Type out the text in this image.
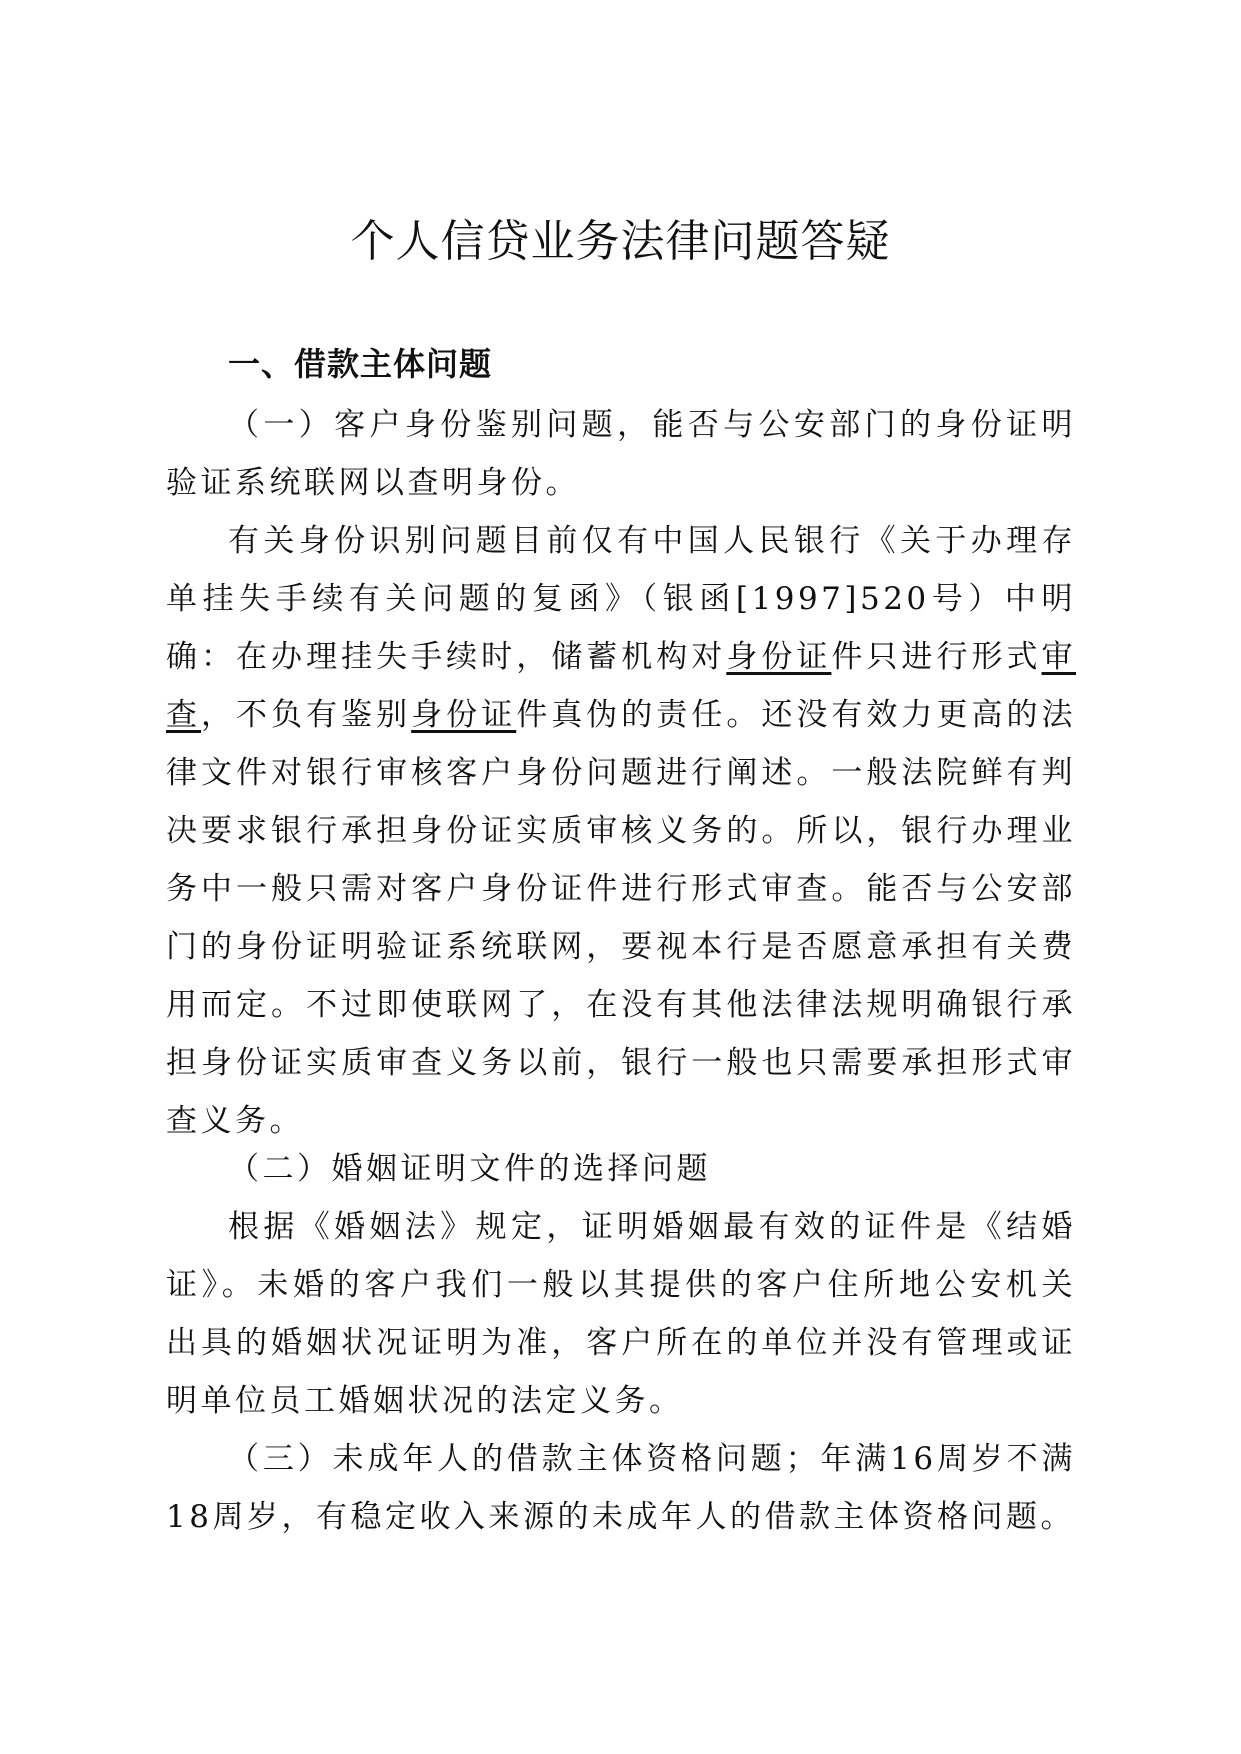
个人信贷业务法律问题答疑
一、借款主体问题

（一）客户身份鉴别问题，能否与公安部门的身份证明验证系统联网以查明身份。

有关身份识别问题目前仅有中国人民银行《关于办理存单挂失手续有关问题的复函》（银函[1997]520号）中明确：在办理挂失手续时，储蓄机构对身份证件只进行形式审查，不负有鉴别身份证件真伪的责任。还没有效力更高的法律文件对银行审核客户身份问题进行阐述。一般法院鲜有判决要求银行承担身份证实质审核义务的。所以，银行办理业务中一般只需对客户身份证件进行形式审查。能否与公安部门的身份证明验证系统联网，要视本行是否愿意承担有关费用而定。不过即使联网了，在没有其他法律法规明确银行承担身份证实质审查义务以前，银行一般也只需要承担形式审查义务。

（二）婚姻证明文件的选择问题

根据《婚姻法》规定，证明婚姻最有效的证件是《结婚证》。未婚的客户我们一般以其提供的客户住所地公安机关出具的婚姻状况证明为准，客户所在的单位并没有管理或证明单位员工婚姻状况的法定义务。

（三）未成年人的借款主体资格问题；年满16周岁不满18周岁，有稳定收入来源的未成年人的借款主体资格问题。
